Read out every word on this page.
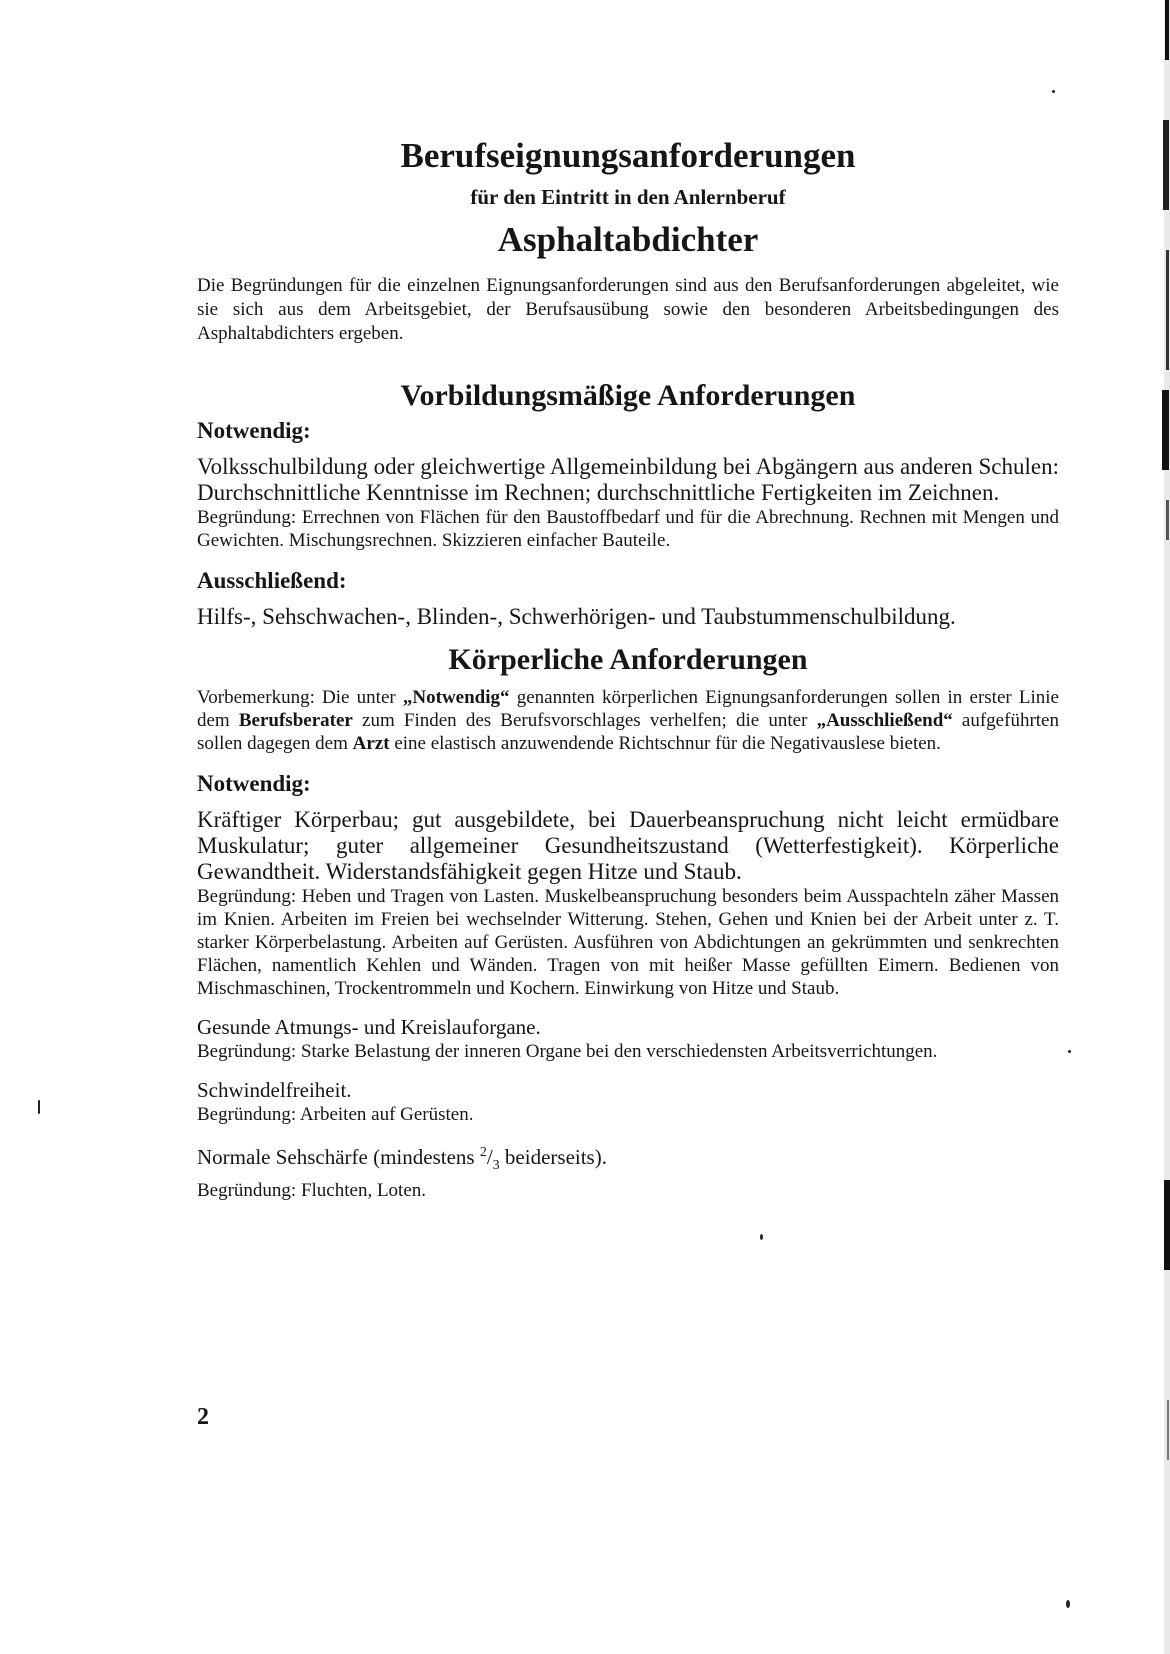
Berufseignungsanforderungen
für den Eintritt in den Anlernberuf
Asphaltabdichter

Die Begründungen für die einzelnen Eignungsanforderungen sind aus den Berufsanforderungen abgeleitet, wie sie sich aus dem Arbeitsgebiet, der Berufsausübung sowie den besonderen Arbeitsbedingungen des Asphaltabdichters ergeben.

Vorbildungsmäßige Anforderungen
Notwendig:

Volksschulbildung oder gleichwertige Allgemeinbildung bei Abgängern aus anderen Schulen: Durchschnittliche Kenntnisse im Rechnen; durchschnittliche Fertigkeiten im Zeichnen.

Begründung: Errechnen von Flächen für den Baustoffbedarf und für die Abrechnung. Rechnen mit Mengen und Gewichten. Mischungsrechnen. Skizzieren einfacher Bauteile.

Ausschließend:

Hilfs-, Sehschwachen-, Blinden-, Schwerhörigen- und Taubstummenschulbildung.

Körperliche Anforderungen

Vorbemerkung: Die unter „Notwendig“ genannten körperlichen Eignungsanforderungen sollen in erster Linie dem Berufsberater zum Finden des Berufsvorschlages verhelfen; die unter „Ausschließend“ aufgeführten sollen dagegen dem Arzt eine elastisch anzuwendende Richtschnur für die Negativauslese bieten.

Notwendig:

Kräftiger Körperbau; gut ausgebildete, bei Dauerbeanspruchung nicht leicht ermüdbare Muskulatur; guter allgemeiner Gesundheitszustand (Wetterfestigkeit). Körperliche Gewandtheit. Widerstandsfähigkeit gegen Hitze und Staub.

Begründung: Heben und Tragen von Lasten. Muskelbeanspruchung besonders beim Ausspachteln zäher Massen im Knien. Arbeiten im Freien bei wechselnder Witterung. Stehen, Gehen und Knien bei der Arbeit unter z. T. starker Körperbelastung. Arbeiten auf Gerüsten. Ausführen von Abdichtungen an gekrümmten und senkrechten Flächen, namentlich Kehlen und Wänden. Tragen von mit heißer Masse gefüllten Eimern. Bedienen von Mischmaschinen, Trockentrommeln und Kochern. Einwirkung von Hitze und Staub.

Gesunde Atmungs- und Kreislauforgane.

Begründung: Starke Belastung der inneren Organe bei den verschiedensten Arbeitsverrichtungen.

Schwindelfreiheit.

Begründung: Arbeiten auf Gerüsten.

Normale Sehschärfe (mindestens $^2/_3$ beiderseits).

Begründung: Fluchten, Loten.

2
